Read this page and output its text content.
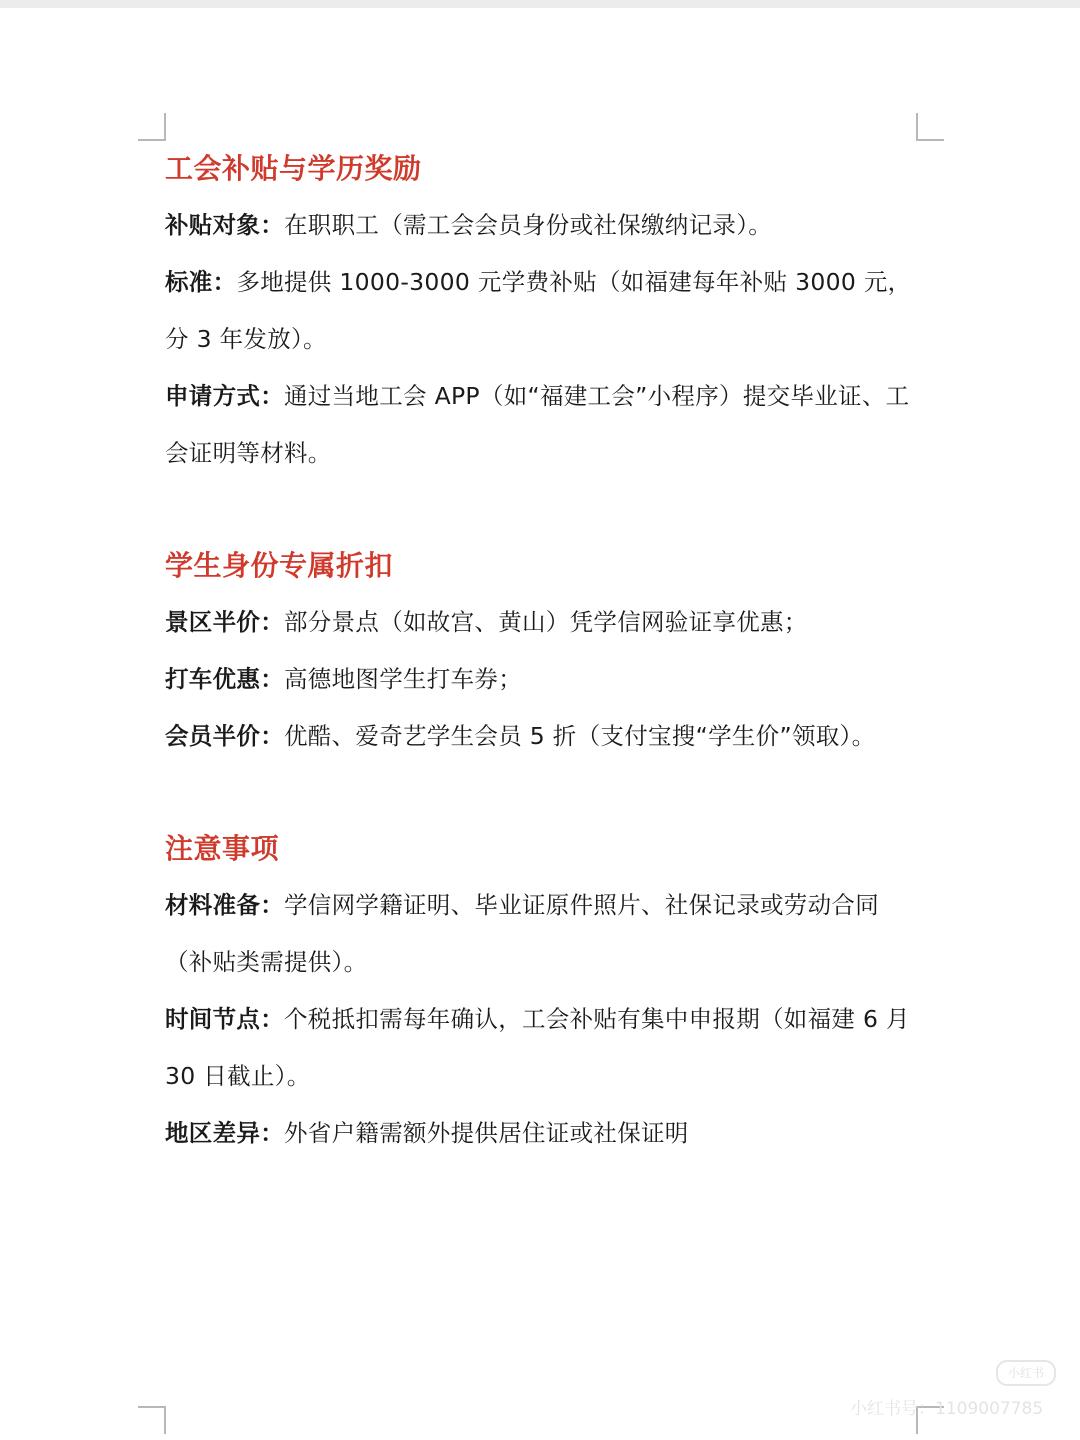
工会补贴与学历奖励

补贴对象：在职职工（需工会会员身份或社保缴纳记录）。

标准：多地提供 1000-3000 元学费补贴（如福建每年补贴 3000 元，分 3 年发放）。

申请方式：通过当地工会 APP（如“福建工会”小程序）提交毕业证、工会证明等材料。

学生身份专属折扣

景区半价：部分景点（如故宫、黄山）凭学信网验证享优惠；

打车优惠：高德地图学生打车券；

会员半价：优酷、爱奇艺学生会员 5 折（支付宝搜“学生价”领取）。

注意事项

材料准备：学信网学籍证明、毕业证原件照片、社保记录或劳动合同（补贴类需提供）。

时间节点：个税抵扣需每年确认，工会补贴有集中申报期（如福建 6 月 30 日截止）。

地区差异：外省户籍需额外提供居住证或社保证明

小红书
小红书号：1109007785
